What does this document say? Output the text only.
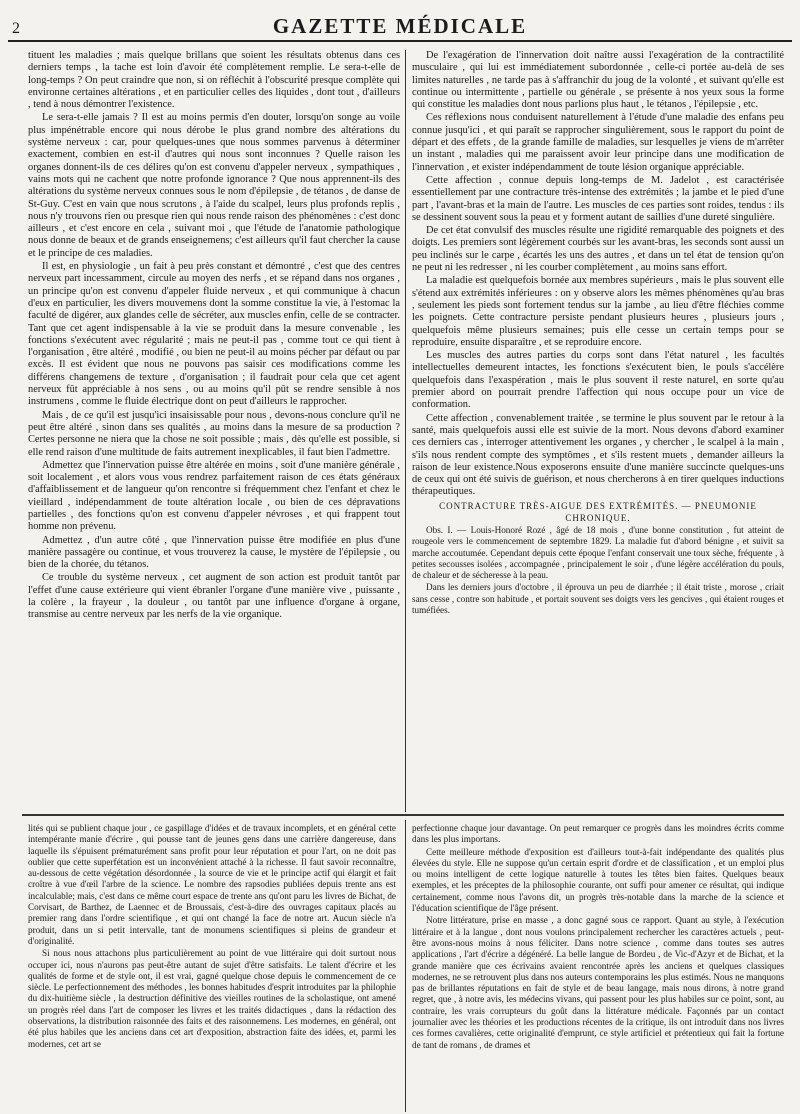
2	GAZETTE MÉDICALE

tituent les maladies ; mais quelque brillans que soient les résultats obtenus dans ces derniers temps , la tache est loin d'avoir été complètement remplie. Le sera-t-elle de long-temps ? On peut craindre que non, si on réfléchit à l'obscurité presque complète qui environne certaines altérations , et en particulier celles des liquides , dont tout , d'ailleurs , tend à nous démontrer l'existence.

Le sera-t-elle jamais ? Il est au moins permis d'en douter, lorsqu'on songe au voile plus impénétrable encore qui nous dérobe le plus grand nombre des altérations du système nerveux : car, pour quelques-unes que nous sommes parvenus à déterminer exactement, combien en est-il d'autres qui nous sont inconnues ? Quelle raison les organes donnent-ils de ces délires qu'on est convenu d'appeler nerveux , sympathiques , vains mots qui ne cachent que notre profonde ignorance ? Que nous apprennent-ils des altérations du système nerveux connues sous le nom d'épilepsie , de tétanos , de danse de St-Guy. C'est en vain que nous scrutons , à l'aide du scalpel, leurs plus profonds replis , nous n'y trouvons rien ou presque rien qui nous rende raison des phénomènes : c'est donc ailleurs , et c'est encore en cela , suivant moi , que l'étude de l'anatomie pathologique nous donne de beaux et de grands enseignemens; c'est ailleurs qu'il faut chercher la cause et le principe de ces maladies.

Il est, en physiologie , un fait à peu près constant et démontré , c'est que des centres nerveux part incessamment, circule au moyen des nerfs , et se répand dans nos organes , un principe qu'on est convenu d'appeler fluide nerveux , et qui communique à chacun d'eux en particulier, les divers mouvemens dont la somme constitue la vie, à l'estomac la faculté de digérer, aux glandes celle de sécréter, aux muscles enfin, celle de se contracter. Tant que cet agent indispensable à la vie se produit dans la mesure convenable , les fonctions s'exécutent avec régularité ; mais ne peut-il pas , comme tout ce qui tient à l'organisation , être altéré , modifié , ou bien ne peut-il au moins pécher par défaut ou par excès. Il est évident que nous ne pouvons pas saisir ces modifications comme les différens changemens de texture , d'organisation ; il faudrait pour cela que cet agent nerveux fût appréciable à nos sens , ou au moins qu'il pût se rendre sensible à nos instrumens , comme le fluide électrique dont on peut d'ailleurs le rapprocher.

Mais , de ce qu'il est jusqu'ici insaisissable pour nous , devons-nous conclure qu'il ne peut être altéré , sinon dans ses qualités , au moins dans la mesure de sa production ? Certes personne ne niera que la chose ne soit possible ; mais , dès qu'elle est possible, si elle rend raison d'une multitude de faits autrement inexplicables, il faut bien l'admettre.

Admettez que l'innervation puisse être altérée en moins , soit d'une manière générale , soit localement , et alors vous vous rendrez parfaitement raison de ces états généraux d'affaiblissement et de langueur qu'on rencontre si fréquemment chez l'enfant et chez le vieillard , indépendamment de toute altération locale , ou bien de ces dépravations partielles , des fonctions qu'on est convenu d'appeler névroses , et qui frappent tout homme non prévenu.

Admettez , d'un autre côté , que l'innervation puisse être modifiée en plus d'une manière passagère ou continue, et vous trouverez la cause, le mystère de l'épilepsie , ou bien de la chorée, du tétanos.

Ce trouble du système nerveux , cet augment de son action est produit tantôt par l'effet d'une cause extérieure qui vient ébranler l'organe d'une manière vive , puissante , la colère , la frayeur , la douleur , ou tantôt par une influence d'organe à organe, transmise au centre nerveux par les nerfs de la vie organique.

De l'exagération de l'innervation doit naître aussi l'exagération de la contractilité musculaire , qui lui est immédiatement subordonnée , celle-ci portée au-delà de ses limites naturelles , ne tarde pas à s'affranchir du joug de la volonté , et suivant qu'elle est continue ou intermittente , partielle ou générale , se présente à nos yeux sous la forme qui constitue les maladies dont nous parlions plus haut , le tétanos , l'épilepsie , etc.

Ces réflexions nous conduisent naturellement à l'étude d'une maladie des enfans peu connue jusqu'ici , et qui paraît se rapprocher singulièrement, sous le rapport du point de départ et des effets , de la grande famille de maladies, sur lesquelles je viens de m'arrêter un instant , maladies qui me paraissent avoir leur principe dans une modification de l'innervation , et exister indépendamment de toute lésion organique appréciable.

Cette affection , connue depuis long-temps de M. Jadelot , est caractérisée essentiellement par une contracture très-intense des extrémités ; la jambe et le pied d'une part , l'avant-bras et la main de l'autre. Les muscles de ces parties sont roides, tendus : ils se dessinent souvent sous la peau et y forment autant de saillies d'une dureté singulière.

De cet état convulsif des muscles résulte une rigidité remarquable des poignets et des doigts. Les premiers sont légèrement courbés sur les avant-bras, les seconds sont aussi un peu inclinés sur le carpe , écartés les uns des autres , et dans un tel état de tension qu'on ne peut ni les redresser , ni les courber complètement , au moins sans effort.

La maladie est quelquefois bornée aux membres supérieurs , mais le plus souvent elle s'étend aux extrémités inférieures : on y observe alors les mêmes phénomènes qu'au bras , seulement les pieds sont fortement tendus sur la jambe , au lieu d'être fléchies comme les poignets. Cette contracture persiste pendant plusieurs heures , plusieurs jours , quelquefois même plusieurs semaines; puis elle cesse un certain temps pour se reproduire, ensuite disparaître , et se reproduire encore.

Les muscles des autres parties du corps sont dans l'état naturel , les facultés intellectuelles demeurent intactes, les fonctions s'exécutent bien, le pouls s'accélère quelquefois dans l'exaspération , mais le plus souvent il reste naturel, en sorte qu'au premier abord on pourrait prendre l'affection qui nous occupe pour un vice de conformation.

Cette affection , convenablement traitée , se termine le plus souvent par le retour à la santé, mais quelquefois aussi elle est suivie de la mort. Nous devons d'abord examiner ces derniers cas , interroger attentivement les organes , y chercher , le scalpel à la main , s'ils nous rendent compte des symptômes , et s'ils restent muets , demander ailleurs la raison de leur existence.Nous exposerons ensuite d'une manière succincte quelques-uns de ceux qui ont été suivis de guérison, et nous chercherons à en tirer quelques inductions thérapeutiques.

CONTRACTURE TRÈS-AIGUE DES EXTRÉMITÉS. — PNEUMONIE CHRONIQUE.

Obs. I. — Louis-Honoré Rozé , âgé de 18 mois , d'une bonne constitution , fut atteint de rougeole vers le commencement de septembre 1829. La maladie fut d'abord bénigne , et suivit sa marche accoutumée. Cependant depuis cette époque l'enfant conservait une toux sèche, fréquente , à petites secousses isolées , accompagnée , principalement le soir , d'une légère accélération du pouls, de chaleur et de sécheresse à la peau.

Dans les derniers jours d'octobre , il éprouva un peu de diarrhée ; il était triste , morose , criait sans cesse , contre son habitude , et portait souvent ses doigts vers les gencives , qui étaient rouges et tuméfiées.

lités qui se publient chaque jour , ce gaspillage d'idées et de travaux incomplets, et en général cette intempérante manie d'écrire , qui pousse tant de jeunes gens dans une carrière dangereuse, dans laquelle ils s'épuisent prématurément sans profit pour leur réputation et pour l'art, on ne doit pas oublier que cette superfétation est un inconvénient attaché à la richesse. Il faut savoir reconnaître, au-dessous de cette végétation désordonnée , la source de vie et le principe actif qui élargit et fait croître à vue d'œil l'arbre de la science. Le nombre des rapsodies publiées depuis trente ans est incalculable; mais, c'est dans ce même court espace de trente ans qu'ont paru les livres de Bichat, de Corvisart, de Barthez, de Laennec et de Broussais, c'est-à-dire des ouvrages capitaux placés au premier rang dans l'ordre scientifique , et qui ont changé la face de notre art. Aucun siècle n'a produit, dans un si petit intervalle, tant de monumens scientifiques si pleins de grandeur et d'originalité.

Si nous nous attachons plus particulièrement au point de vue littéraire qui doit surtout nous occuper ici, nous n'aurons pas peut-être autant de sujet d'être satisfaits. Le talent d'écrire et les qualités de forme et de style ont, il est vrai, gagné quelque chose depuis le commencement de ce siècle. Le perfectionnement des méthodes , les bonnes habitudes d'esprit introduites par la philophie du dix-huitième siècle , la destruction définitive des vieilles routines de la scholastique, ont amené un progrès réel dans l'art de composer les livres et les traités didactiques , dans la rédaction des observations, la distribution raisonnée des faits et des raisonnemens. Les modernes, en général, ont été plus habiles que les anciens dans cet art d'exposition, abstraction faite des idées, et, parmi les modernes, cet art se

perfectionne chaque jour davantage. On peut remarquer ce progrès dans les moindres écrits comme dans les plus importans.

Cette meilleure méthode d'exposition est d'ailleurs tout-à-fait indépendante des qualités plus élevées du style. Elle ne suppose qu'un certain esprit d'ordre et de classification , et un emploi plus ou moins intelligent de cette logique naturelle à toutes les têtes bien faites. Quelques beaux exemples, et les préceptes de la philosophie courante, ont suffi pour amener ce résultat, qui indique certainement, comme nous l'avons dit, un progrès très-notable dans la marche de la science et l'éducation scientifique de l'âge présent.

Notre littérature, prise en masse , a donc gagné sous ce rapport. Quant au style, à l'exécution littéraire et à la langue , dont nous voulons principalement rechercher les caractères actuels , peut-être avons-nous moins à nous féliciter. Dans notre science , comme dans toutes ses autres applications , l'art d'écrire a dégénéré. La belle langue de Bordeu , de Vic-d'Azyr et de Bichat, et la grande manière que ces écrivains avaient rencontrée après les anciens et quelques classiques modernes, ne se retrouvent plus dans nos auteurs contemporains les plus estimés. Nous ne manquons pas de brillantes réputations en fait de style et de beau langage, mais nous dirons, à notre grand regret, que , à notre avis, les médecins vivans, qui passent pour les plus habiles sur ce point, sont, au contraire, les vrais corrupteurs du goût dans la littérature médicale. Façonnés par un contact journalier avec les théories et les productions récentes de la critique, ils ont introduit dans nos livres ces formes cavalières, cette originalité d'emprunt, ce style artificiel et prétentieux qui fait la fortune de tant de romans , de drames et
